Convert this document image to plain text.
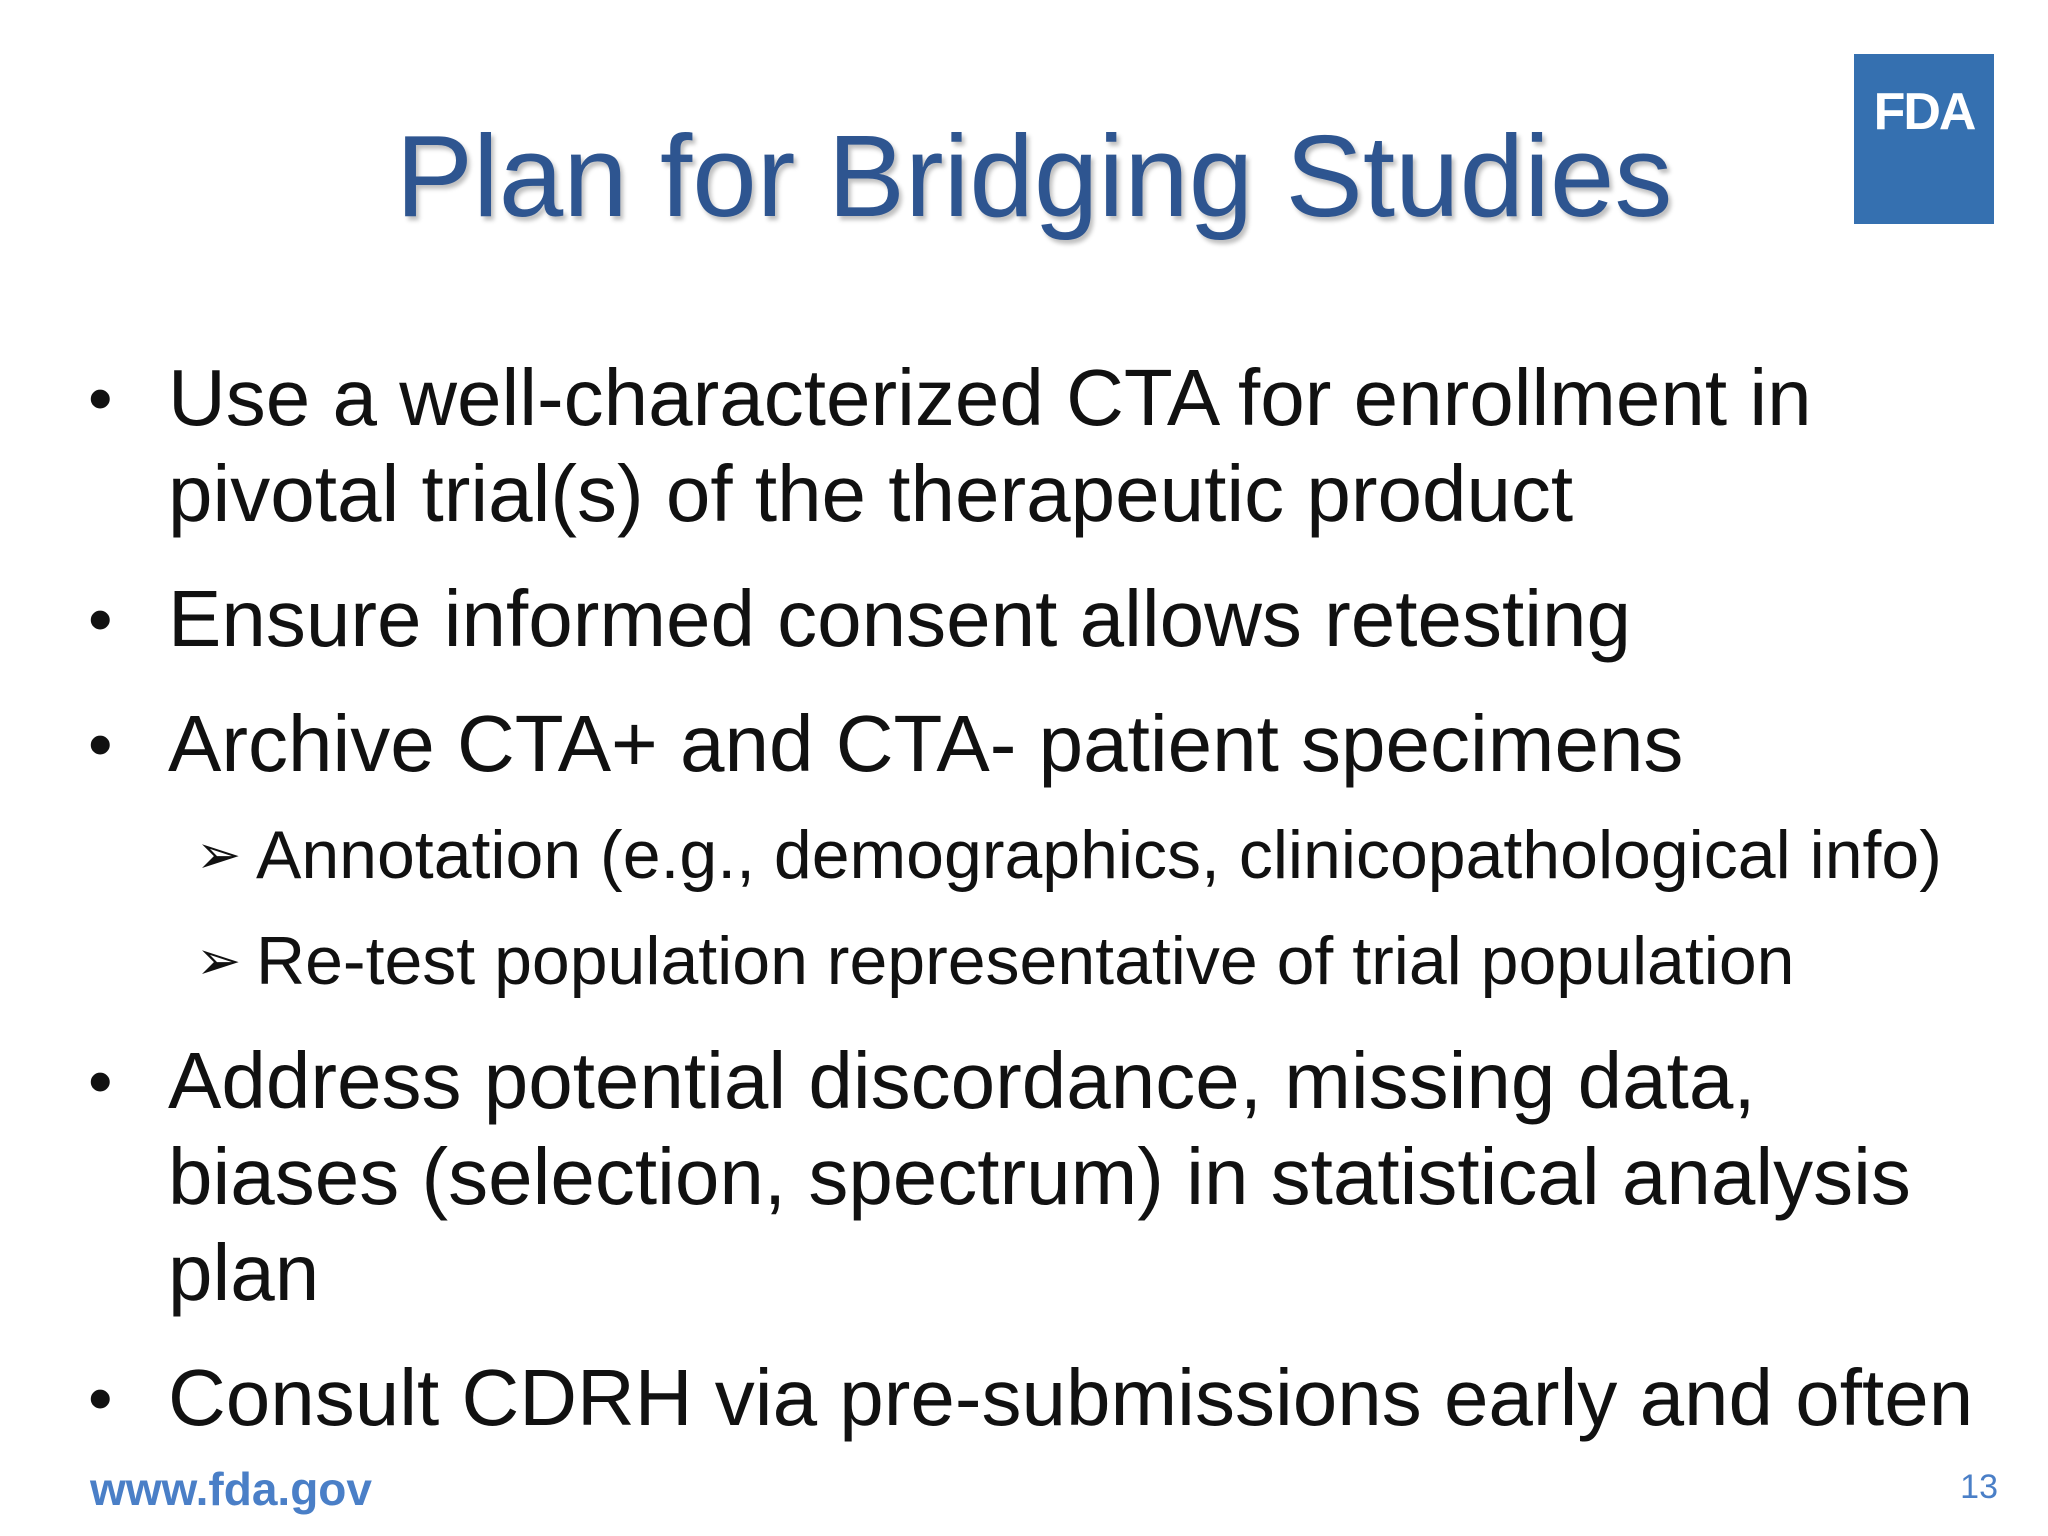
Plan for Bridging Studies	FDA
• Use a well-characterized CTA for enrollment in pivotal trial(s) of the therapeutic product
• Ensure informed consent allows retesting
• Archive CTA+ and CTA- patient specimens
➢ Annotation (e.g., demographics, clinicopathological info)
➢ Re-test population representative of trial population
• Address potential discordance, missing data, biases (selection, spectrum) in statistical analysis plan
• Consult CDRH via pre-submissions early and often
www.fda.gov	13
